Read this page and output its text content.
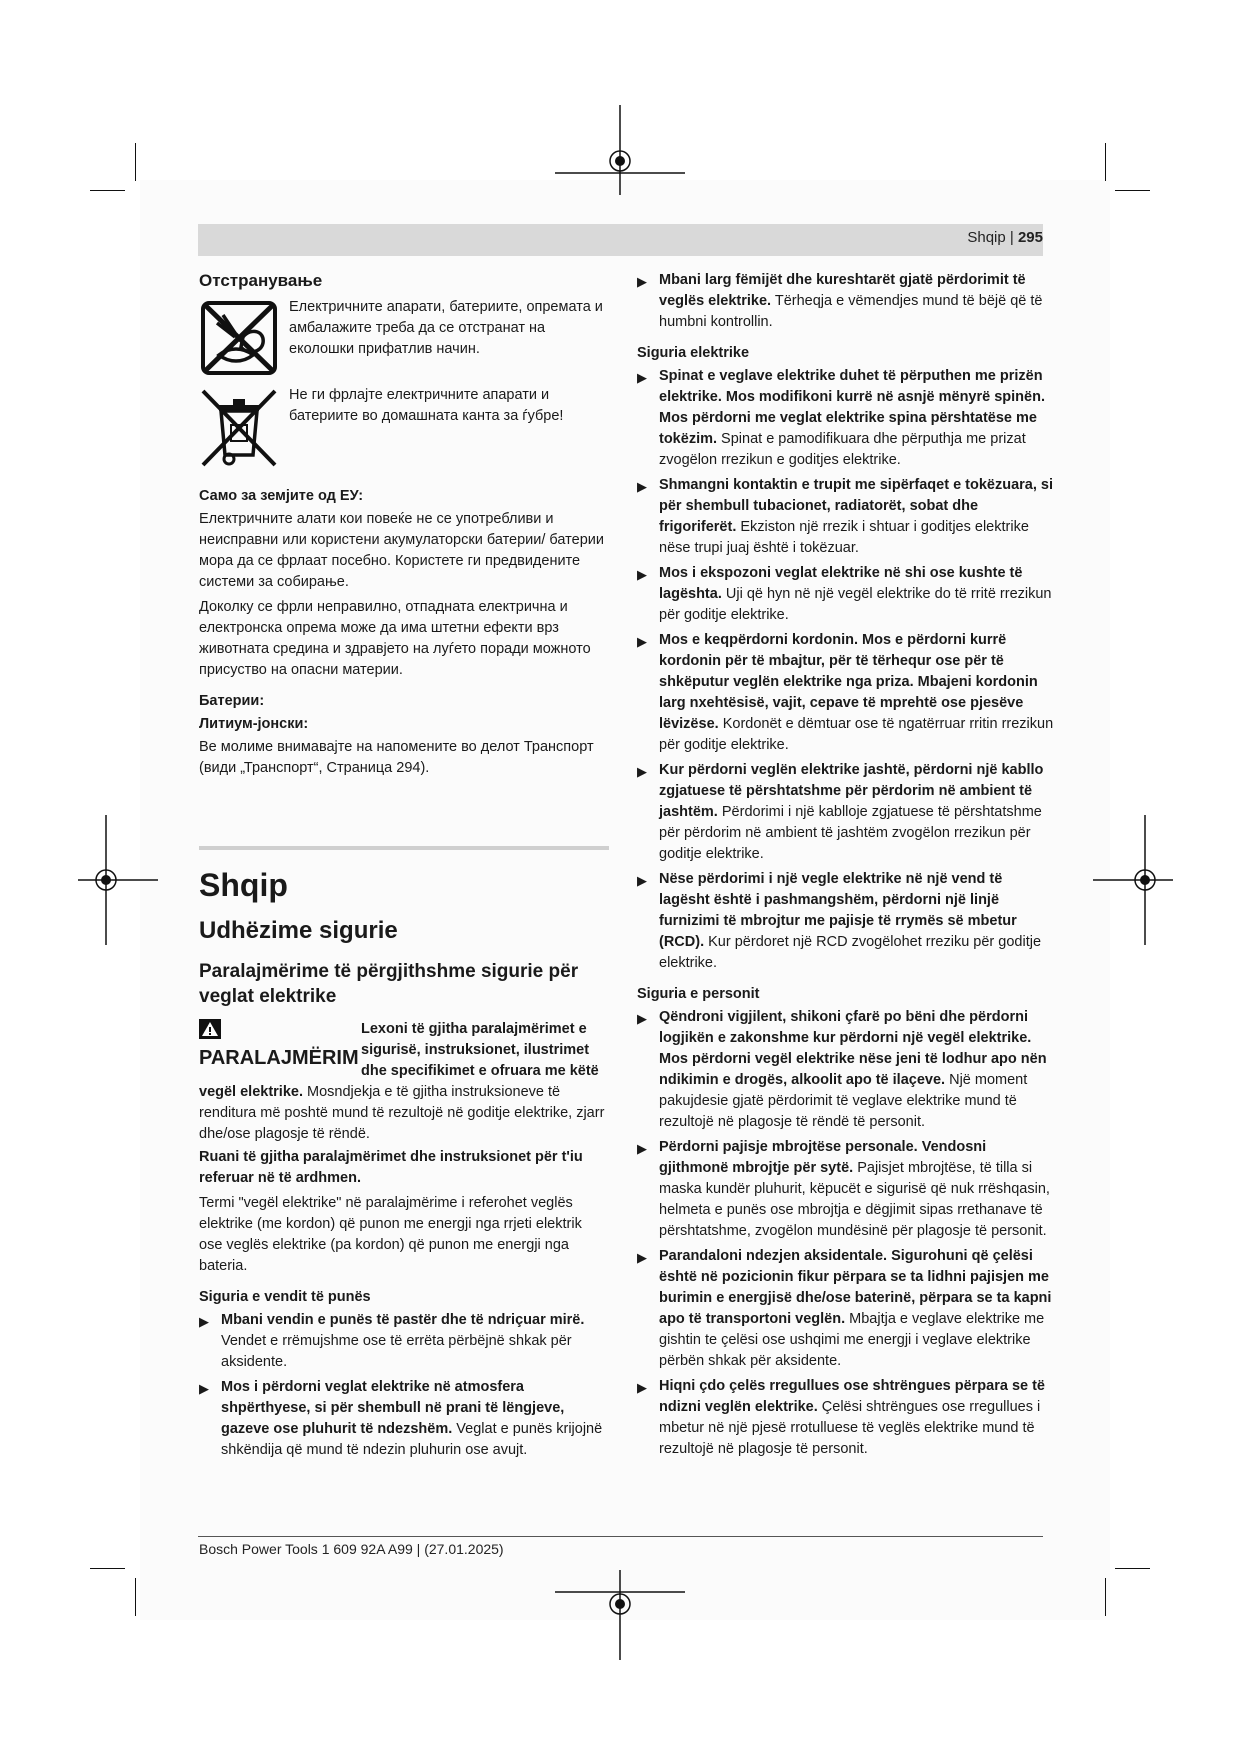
Shqip | 295
Отстранување

Електричните апарати, батериите, опремата и амбалажите треба да се отстранат на еколошки прифатлив начин.

Не ги фрлајте електричните апарати и батериите во домашната канта за ѓубре!

Само за земјите од ЕУ:

Електричните алати кои повеќе не се употребливи и неисправни или користени акумулаторски батерии/ батерии мора да се фрлаат посебно. Користете ги предвидените системи за собирање.

Доколку се фрли неправилно, отпадната електрична и електронска опрема може да има штетни ефекти врз животната средина и здравјето на луѓето поради можното присуство на опасни материи.

Батерии:
Литиум-јонски:

Ве молиме внимавајте на напомените во делот Транспорт (види „Транспорт“, Страница 294).

Shqip
Udhëzime sigurie
Paralajmërime të përgjithshme sigurie për veglat elektrike

PARALAJMËRIM
Lexoni të gjitha paralajmërimet e sigurisë, instruksionet, ilustrimet dhe specifikimet e ofruara me këtë vegël elektrike. Mosndjekja e të gjitha instruksioneve të renditura më poshtë mund të rezultojë në goditje elektrike, zjarr dhe/ose plagosje të rëndë.

Ruani të gjitha paralajmërimet dhe instruksionet për t'iu referuar në të ardhmen.

Termi "vegël elektrike" në paralajmërime i referohet veglës elektrike (me kordon) që punon me energji nga rrjeti elektrik ose veglës elektrike (pa kordon) që punon me energji nga bateria.

Siguria e vendit të punës
▶ Mbani vendin e punës të pastër dhe të ndriçuar mirë. Vendet e rrëmujshme ose të errëta përbëjnë shkak për aksidente.
▶ Mos i përdorni veglat elektrike në atmosfera shpërthyese, si për shembull në prani të lëngjeve, gazeve ose pluhurit të ndezshëm. Veglat e punës krijojnë shkëndija që mund të ndezin pluhurin ose avujt.
▶ Mbani larg fëmijët dhe kureshtarët gjatë përdorimit të veglës elektrike. Tërheqja e vëmendjes mund të bëjë që të humbni kontrollin.
Siguria elektrike
▶ Spinat e veglave elektrike duhet të përputhen me prizën elektrike. Mos modifikoni kurrë në asnjë mënyrë spinën. Mos përdorni me veglat elektrike spina përshtatëse me tokëzim. Spinat e pamodifikuara dhe përputhja me prizat zvogëlon rrezikun e goditjes elektrike.
▶ Shmangni kontaktin e trupit me sipërfaqet e tokëzuara, si për shembull tubacionet, radiatorët, sobat dhe frigoriferët. Ekziston një rrezik i shtuar i goditjes elektrike nëse trupi juaj është i tokëzuar.
▶ Mos i ekspozoni veglat elektrike në shi ose kushte të lagështa. Uji që hyn në një vegël elektrike do të rritë rrezikun për goditje elektrike.
▶ Mos e keqpërdorni kordonin. Mos e përdorni kurrë kordonin për të mbajtur, për të tërhequr ose për të shkëputur veglën elektrike nga priza. Mbajeni kordonin larg nxehtësisë, vajit, cepave të mprehtë ose pjesëve lëvizëse. Kordonët e dëmtuar ose të ngatërruar rritin rrezikun për goditje elektrike.
▶ Kur përdorni veglën elektrike jashtë, përdorni një kabllo zgjatuese të përshtatshme për përdorim në ambient të jashtëm. Përdorimi i një kablloje zgjatuese të përshtatshme për përdorim në ambient të jashtëm zvogëlon rrezikun për goditje elektrike.
▶ Nëse përdorimi i një vegle elektrike në një vend të lagësht është i pashmangshëm, përdorni një linjë furnizimi të mbrojtur me pajisje të rrymës së mbetur (RCD). Kur përdoret një RCD zvogëlohet rreziku për goditje elektrike.
Siguria e personit
▶ Qëndroni vigjilent, shikoni çfarë po bëni dhe përdorni logjikën e zakonshme kur përdorni një vegël elektrike. Mos përdorni vegël elektrike nëse jeni të lodhur apo nën ndikimin e drogës, alkoolit apo të ilaçeve. Një moment pakujdesie gjatë përdorimit të veglave elektrike mund të rezultojë në plagosje të rëndë të personit.
▶ Përdorni pajisje mbrojtëse personale. Vendosni gjithmonë mbrojtje për sytë. Pajisjet mbrojtëse, të tilla si maska kundër pluhurit, këpucët e sigurisë që nuk rrëshqasin, helmeta e punës ose mbrojtja e dëgjimit sipas rrethanave të përshtatshme, zvogëlon mundësinë për plagosje të personit.
▶ Parandaloni ndezjen aksidentale. Sigurohuni që çelësi është në pozicionin fikur përpara se ta lidhni pajisjen me burimin e energjisë dhe/ose baterinë, përpara se ta kapni apo të transportoni veglën. Mbajtja e veglave elektrike me gishtin te çelësi ose ushqimi me energji i veglave elektrike përbën shkak për aksidente.
▶ Hiqni çdo çelës rregullues ose shtrëngues përpara se të ndizni veglën elektrike. Çelësi shtrëngues ose rregullues i mbetur në një pjesë rrotulluese të veglës elektrike mund të rezultojë në plagosje të personit.
Bosch Power Tools 1 609 92A A99 | (27.01.2025)
